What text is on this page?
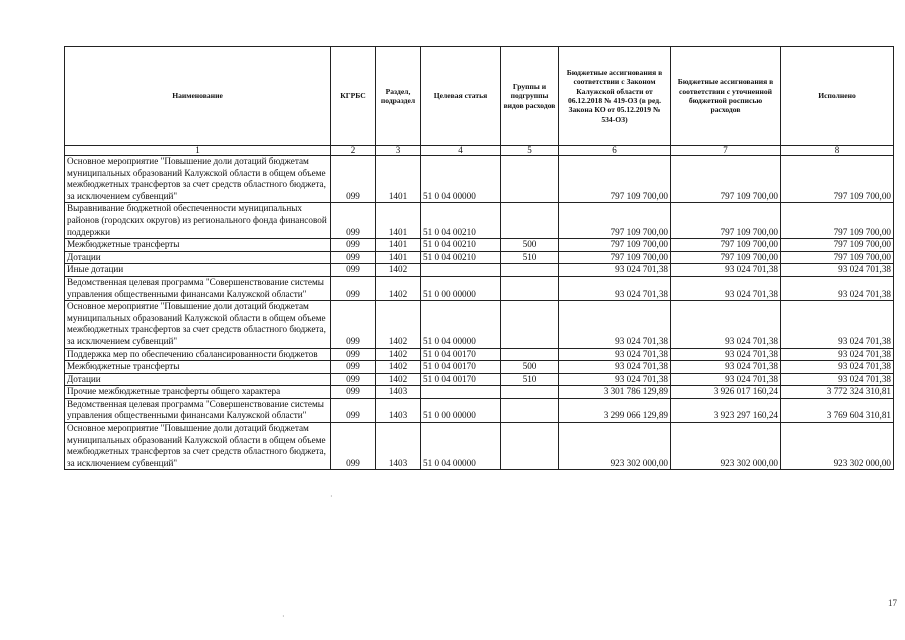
Наименование	КГРБС	Раздел, подраздел	Целевая статья	Группы и подгруппы видов расходов	Бюджетные ассигнования в соответствии с Законом Калужской области от 06.12.2018 № 419-ОЗ (в ред. Закона КО от 05.12.2019 № 534-ОЗ)	Бюджетные ассигнования в соответствии с уточненной бюджетной росписью расходов	Исполнено
1	2	3	4	5	6	7	8
Основное мероприятие "Повышение доли дотаций бюджетам муниципальных образований Калужской области в общем объеме межбюджетных трансфертов за счет средств областного бюджета, за исключением субвенций"	099	1401	51 0 04 00000		797 109 700,00	797 109 700,00	797 109 700,00
Выравнивание бюджетной обеспеченности муниципальных районов (городских округов) из регионального фонда финансовой поддержки	099	1401	51 0 04 00210		797 109 700,00	797 109 700,00	797 109 700,00
Межбюджетные трансферты	099	1401	51 0 04 00210	500	797 109 700,00	797 109 700,00	797 109 700,00
Дотации	099	1401	51 0 04 00210	510	797 109 700,00	797 109 700,00	797 109 700,00
Иные дотации	099	1402			93 024 701,38	93 024 701,38	93 024 701,38
Ведомственная целевая программа "Совершенствование системы управления общественными финансами Калужской области"	099	1402	51 0 00 00000		93 024 701,38	93 024 701,38	93 024 701,38
Основное мероприятие "Повышение доли дотаций бюджетам муниципальных образований Калужской области в общем объеме межбюджетных трансфертов за счет средств областного бюджета, за исключением субвенций"	099	1402	51 0 04 00000		93 024 701,38	93 024 701,38	93 024 701,38
Поддержка мер по обеспечению сбалансированности бюджетов	099	1402	51 0 04 00170		93 024 701,38	93 024 701,38	93 024 701,38
Межбюджетные трансферты	099	1402	51 0 04 00170	500	93 024 701,38	93 024 701,38	93 024 701,38
Дотации	099	1402	51 0 04 00170	510	93 024 701,38	93 024 701,38	93 024 701,38
Прочие межбюджетные трансферты общего характера	099	1403			3 301 786 129,89	3 926 017 160,24	3 772 324 310,81
Ведомственная целевая программа "Совершенствование системы управления общественными финансами Калужской области"	099	1403	51 0 00 00000		3 299 066 129,89	3 923 297 160,24	3 769 604 310,81
Основное мероприятие "Повышение доли дотаций бюджетам муниципальных образований Калужской области в общем объеме межбюджетных трансфертов за счет средств областного бюджета, за исключением субвенций"	099	1403	51 0 04 00000		923 302 000,00	923 302 000,00	923 302 000,00
·
·
17
